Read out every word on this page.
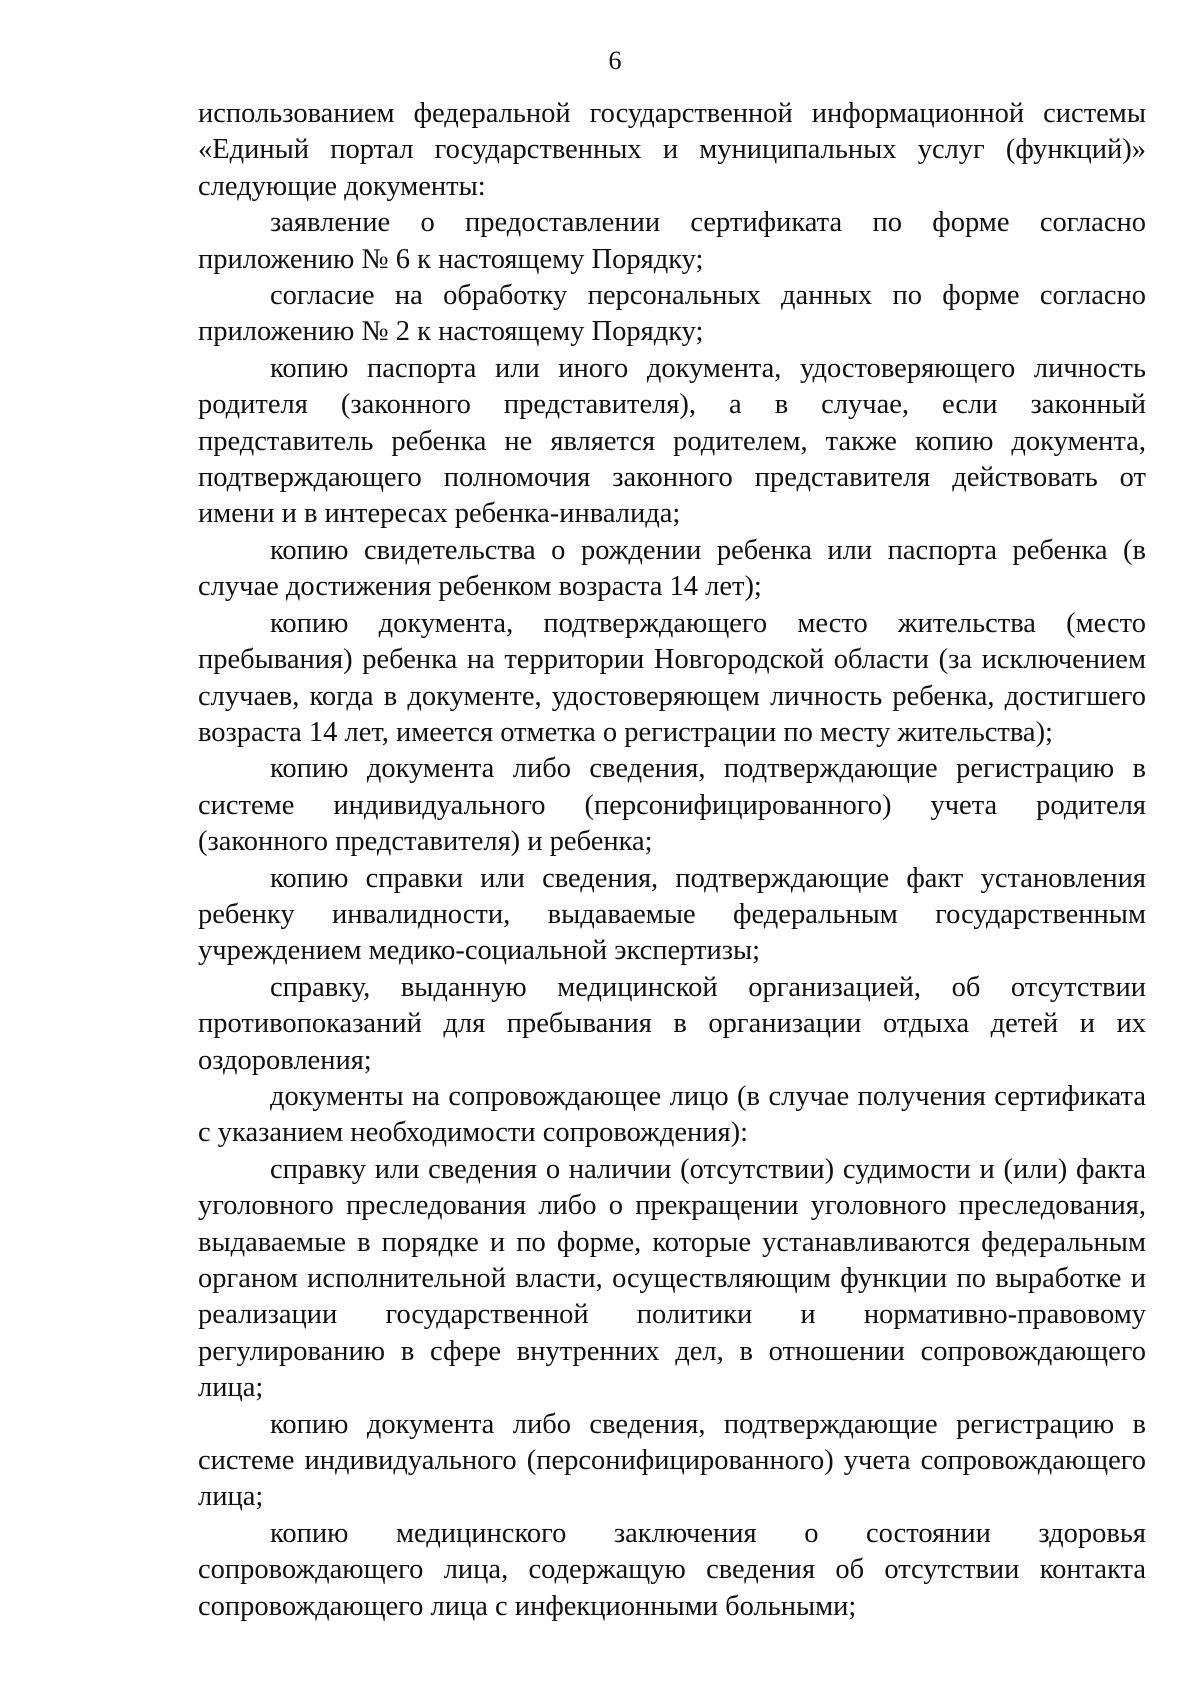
6

использованием федеральной государственной информационной системы «Единый портал государственных и муниципальных услуг (функций)» следующие документы:

заявление о предоставлении сертификата по форме согласно приложению № 6 к настоящему Порядку;

согласие на обработку персональных данных по форме согласно приложению № 2 к настоящему Порядку;

копию паспорта или иного документа, удостоверяющего личность родителя (законного представителя), а в случае, если законный представитель ребенка не является родителем, также копию документа, подтверждающего полномочия законного представителя действовать от имени и в интересах ребенка-инвалида;

копию свидетельства о рождении ребенка или паспорта ребенка (в случае достижения ребенком возраста 14 лет);

копию документа, подтверждающего место жительства (место пребывания) ребенка на территории Новгородской области (за исключением случаев, когда в документе, удостоверяющем личность ребенка, достигшего возраста 14 лет, имеется отметка о регистрации по месту жительства);

копию документа либо сведения, подтверждающие регистрацию в системе индивидуального (персонифицированного) учета родителя (законного представителя) и ребенка;

копию справки или сведения, подтверждающие факт установления ребенку инвалидности, выдаваемые федеральным государственным учреждением медико-социальной экспертизы;

справку, выданную медицинской организацией, об отсутствии противопоказаний для пребывания в организации отдыха детей и их оздоровления;

документы на сопровождающее лицо (в случае получения сертификата с указанием необходимости сопровождения):

справку или сведения о наличии (отсутствии) судимости и (или) факта уголовного преследования либо о прекращении уголовного преследования, выдаваемые в порядке и по форме, которые устанавливаются федеральным органом исполнительной власти, осуществляющим функции по выработке и реализации государственной политики и нормативно-правовому регулированию в сфере внутренних дел, в отношении сопровождающего лица;

копию документа либо сведения, подтверждающие регистрацию в системе индивидуального (персонифицированного) учета сопровождающего лица;

копию медицинского заключения о состоянии здоровья сопровождающего лица, содержащую сведения об отсутствии контакта сопровождающего лица с инфекционными больными;
